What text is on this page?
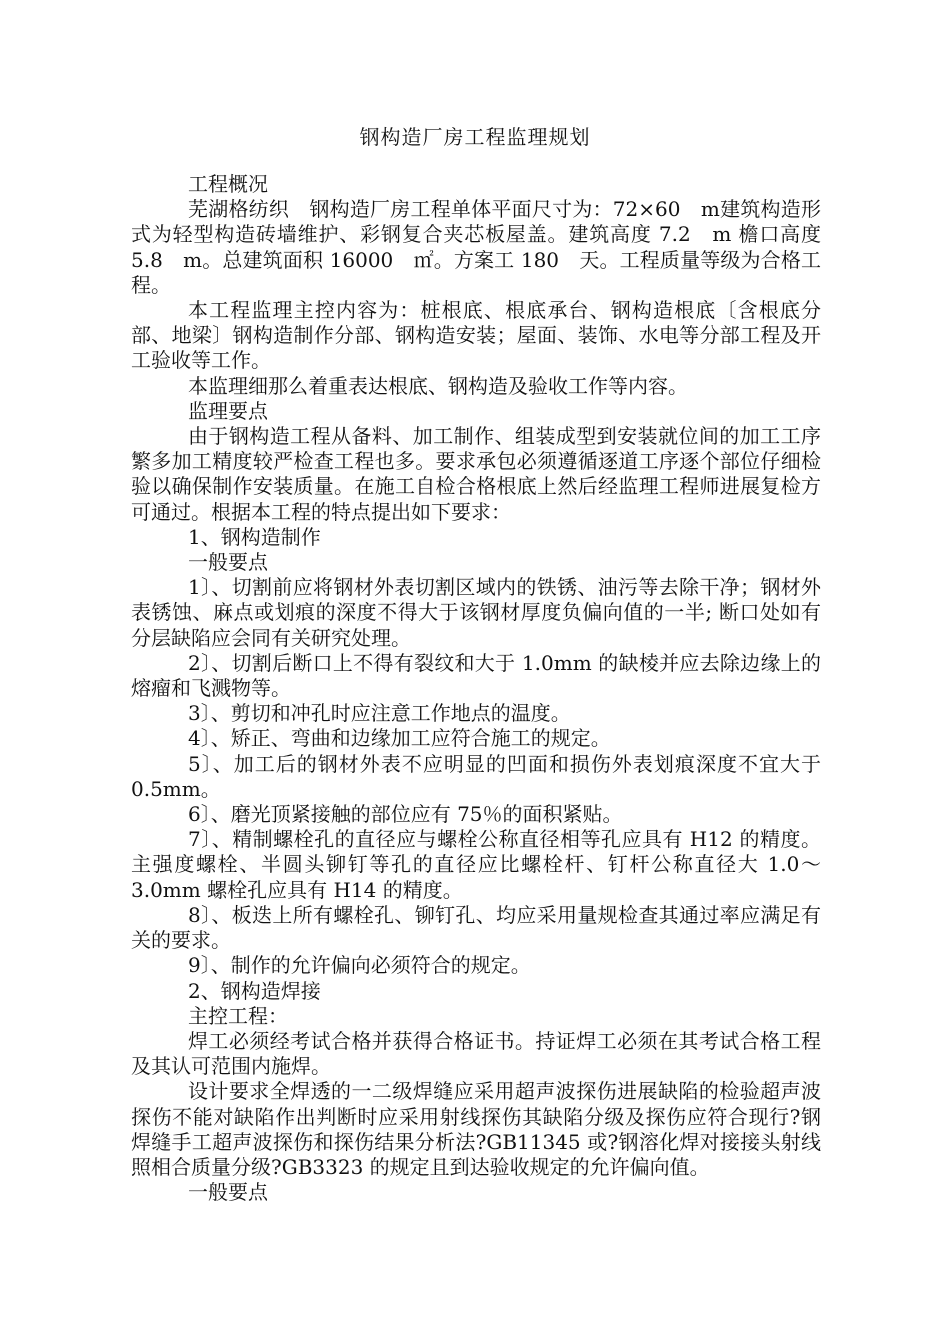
钢构造厂房工程监理规划

工程概况

芜湖格纺织　钢构造厂房工程单体平面尺寸为：72×60　m建筑构造形式为轻型构造砖墙维护、彩钢复合夹芯板屋盖。建筑高度 7.2　m 檐口高度 5.8　m。总建筑面积 16000　㎡。方案工 180　天。工程质量等级为合格工程。

本工程监理主控内容为：桩根底、根底承台、钢构造根底〔含根底分部、地梁〕钢构造制作分部、钢构造安装；屋面、装饰、水电等分部工程及开工验收等工作。

本监理细那么着重表达根底、钢构造及验收工作等内容。

监理要点

由于钢构造工程从备料、加工制作、组装成型到安装就位间的加工工序繁多加工精度较严检查工程也多。要求承包必须遵循逐道工序逐个部位仔细检验以确保制作安装质量。在施工自检合格根底上然后经监理工程师进展复检方可通过。根据本工程的特点提出如下要求：

1、钢构造制作

一般要点

1〕、切割前应将钢材外表切割区域内的铁锈、油污等去除干净；钢材外表锈蚀、麻点或划痕的深度不得大于该钢材厚度负偏向值的一半; 断口处如有分层缺陷应会同有关研究处理。

2〕、切割后断口上不得有裂纹和大于 1.0mm 的缺棱并应去除边缘上的熔瘤和飞溅物等。

3〕、剪切和冲孔时应注意工作地点的温度。

4〕、矫正、弯曲和边缘加工应符合施工的规定。

5〕、加工后的钢材外表不应明显的凹面和损伤外表划痕深度不宜大于 0.5mm。

6〕、磨光顶紧接触的部位应有 75％的面积紧贴。

7〕、精制螺栓孔的直径应与螺栓公称直径相等孔应具有 H12 的精度。主强度螺栓、半圆头铆钉等孔的直径应比螺栓杆、钉杆公称直径大 1.0～3.0mm 螺栓孔应具有 H14 的精度。

8〕、板迭上所有螺栓孔、铆钉孔、均应采用量规检查其通过率应满足有关的要求。

9〕、制作的允许偏向必须符合的规定。

2、钢构造焊接

主控工程：

焊工必须经考试合格并获得合格证书。持证焊工必须在其考试合格工程及其认可范围内施焊。

设计要求全焊透的一二级焊缝应采用超声波探伤进展缺陷的检验超声波探伤不能对缺陷作出判断时应采用射线探伤其缺陷分级及探伤应符合现行?钢焊缝手工超声波探伤和探伤结果分析法?GB11345 或?钢溶化焊对接接头射线照相合质量分级?GB3323 的规定且到达验收规定的允许偏向值。

一般要点
